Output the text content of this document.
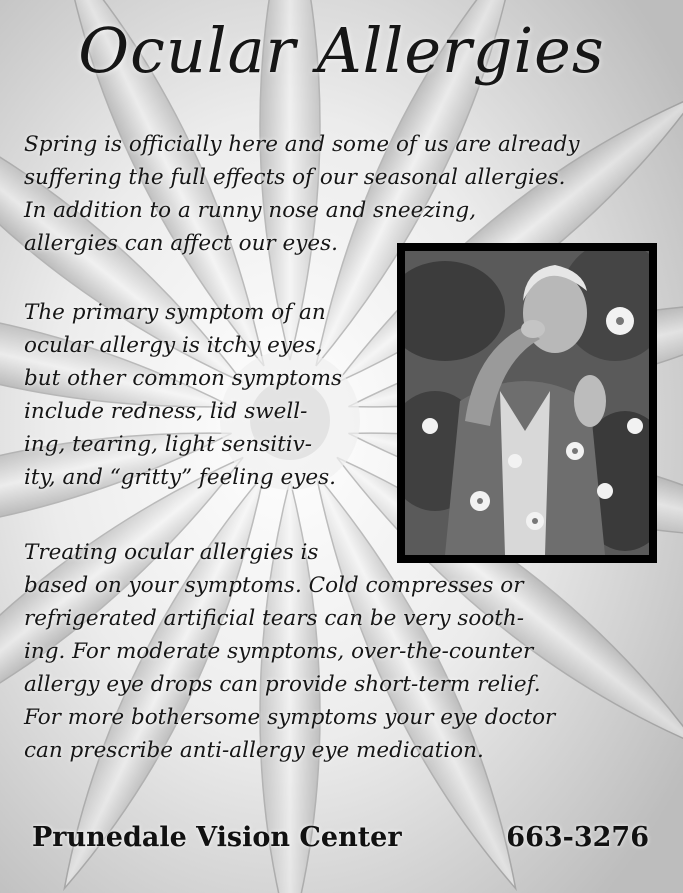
Ocular Allergies
Spring is officially here and some of us are already
suffering the full effects of our seasonal allergies.
In addition to a runny nose and sneezing,
allergies can affect our eyes.
The primary symptom of an
ocular allergy is itchy eyes,
but other common symptoms
include redness, lid swell-
ing, tearing, light sensitiv-
ity, and “gritty” feeling eyes.
Treating ocular allergies is
based on your symptoms. Cold compresses or
refrigerated artificial tears can be very sooth-
ing. For moderate symptoms, over-the-counter
allergy eye drops can provide short-term relief.
For more bothersome symptoms your eye doctor
can prescribe anti-allergy eye medication.
Prunedale Vision Center	663-3276
